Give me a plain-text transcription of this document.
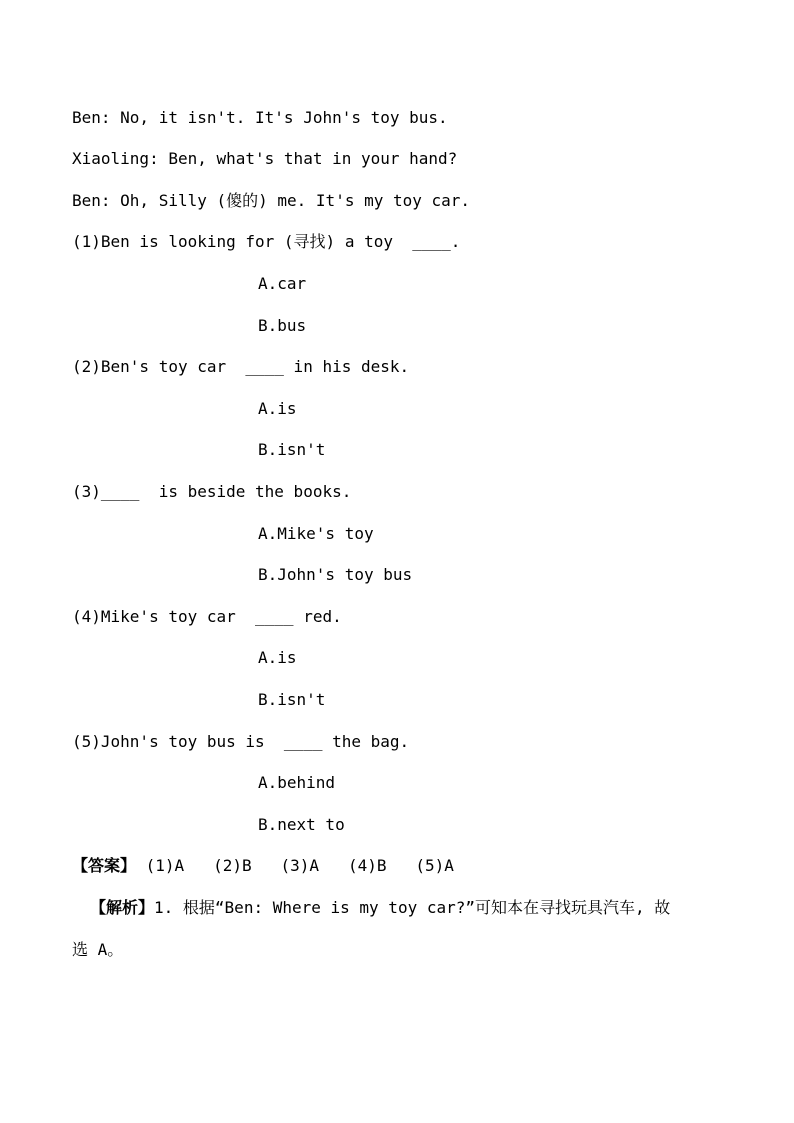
Ben: No, it isn't. It's John's toy bus.
Xiaoling: Ben, what's that in your hand?
Ben: Oh, Silly (傻的) me. It's my toy car.
(1)Ben is looking for (寻找) a toy  ____.
A.car
B.bus
(2)Ben's toy car  ____ in his desk.
A.is
B.isn't
(3)____  is beside the books.
A.Mike's toy
B.John's toy bus
(4)Mike's toy car  ____ red.
A.is
B.isn't
(5)John's toy bus is  ____ the bag.
A.behind
B.next to
【答案】 (1)A   (2)B   (3)A   (4)B   (5)A
【解析】1. 根据“Ben: Where is my toy car?”可知本在寻找玩具汽车, 故
选 A。
